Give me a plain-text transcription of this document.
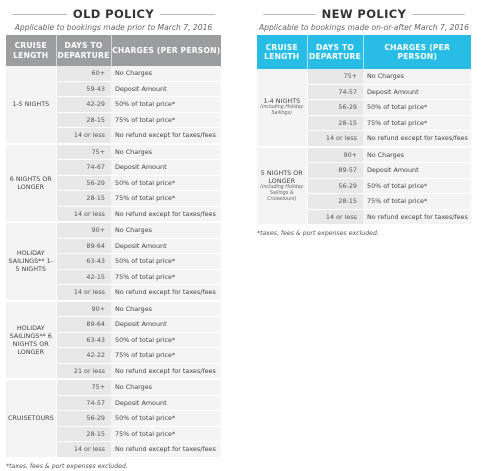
OLD POLICY
Applicable to bookings made prior to March 7, 2016
CRUISE LENGTH	DAYS TO DEPARTURE	CHARGES (PER PERSON)
1-5 NIGHTS	60+	No Charges
	59-43	Deposit Amount
	42-29	50% of total price*
	28-15	75% of total price*
	14 or less	No refund except for taxes/fees
6 NIGHTS OR LONGER	75+	No Charges
	74-67	Deposit Amount
	56-29	50% of total price*
	28-15	75% of total price*
	14 or less	No refund except for taxes/fees
HOLIDAY SAILINGS** 1-5 NIGHTS	90+	No Charges
	89-64	Deposit Amount
	63-43	50% of total price*
	42-15	75% of total price*
	14 or less	No refund except for taxes/fees
HOLIDAY SAILINGS** 6 NIGHTS OR LONGER	90+	No Charges
	89-64	Deposit Amount
	63-43	50% of total price*
	42-22	75% of total price*
	21 or less	No refund except for taxes/fees
CRUISETOURS	75+	No Charges
	74-57	Deposit Amount
	56-29	50% of total price*
	28-15	75% of total price*
	14 or less	No refund except for taxes/fees
*taxes, fees & port expenses excluded.
NEW POLICY
Applicable to bookings made on-or-after March 7, 2016
CRUISE LENGTH	DAYS TO DEPARTURE	CHARGES (PER PERSON)
1-4 NIGHTS
(including Holiday Sailings)	75+	No Charges
	74-57	Deposit Amount
	56-29	50% of total price*
	28-15	75% of total price*
	14 or less	No refund except for taxes/fees
5 NIGHTS OR LONGER
(including Holiday Sailings & Cruisetours)	90+	No Charges
	89-57	Deposit Amount
	56-29	50% of total price*
	28-15	75% of total price*
	14 or less	No refund except for taxes/fees
*taxes, fees & port expenses excluded.
